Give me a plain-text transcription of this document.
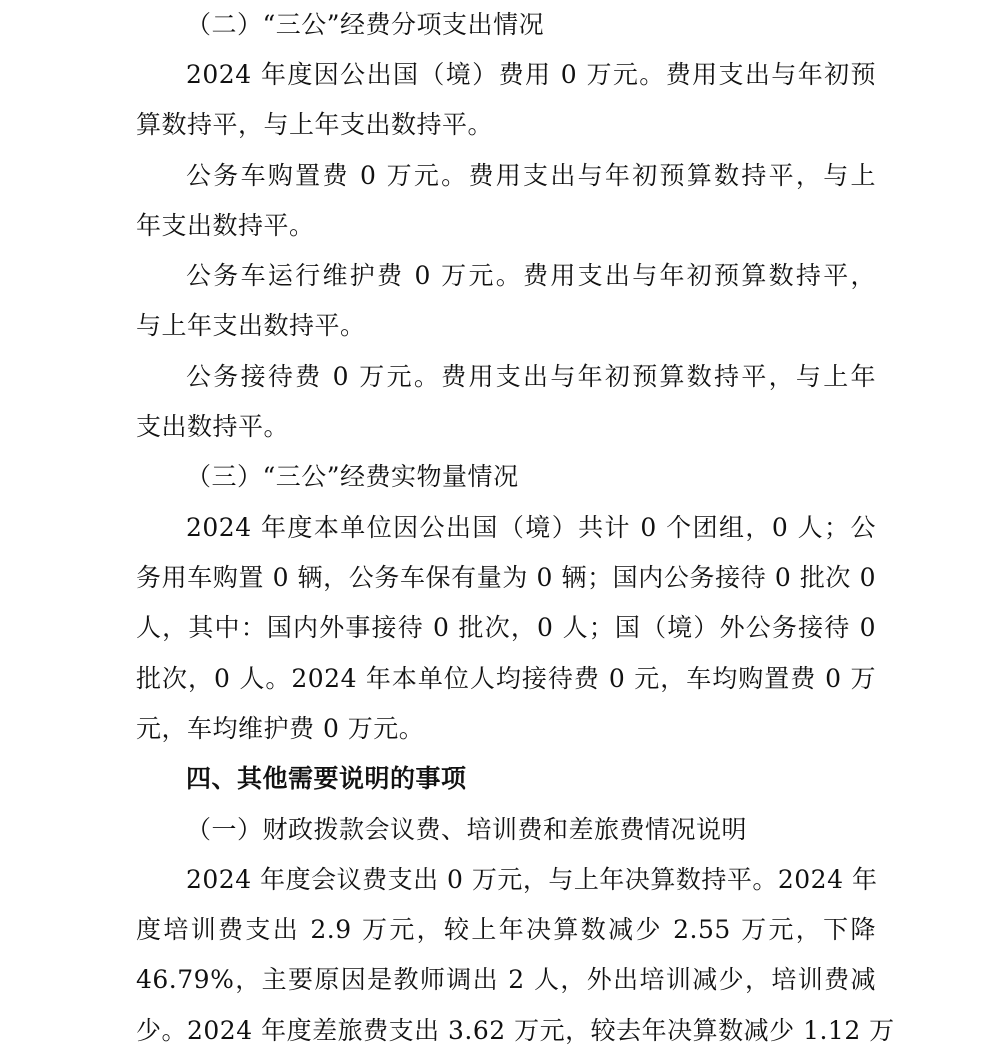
（二）“三公”经费分项支出情况
2024 年度因公出国（境）费用 0 万元。费用支出与年初预
算数持平，与上年支出数持平。
公务车购置费 0 万元。费用支出与年初预算数持平，与上
年支出数持平。
公务车运行维护费 0 万元。费用支出与年初预算数持平，
与上年支出数持平。
公务接待费 0 万元。费用支出与年初预算数持平，与上年
支出数持平。
（三）“三公”经费实物量情况
2024 年度本单位因公出国（境）共计 0 个团组，0 人；公
务用车购置 0 辆，公务车保有量为 0 辆；国内公务接待 0 批次 0
人，其中：国内外事接待 0 批次，0 人；国（境）外公务接待 0
批次，0 人。2024 年本单位人均接待费 0 元，车均购置费 0 万
元，车均维护费 0 万元。
四、其他需要说明的事项
（一）财政拨款会议费、培训费和差旅费情况说明
2024 年度会议费支出 0 万元，与上年决算数持平。2024 年
度培训费支出 2.9 万元，较上年决算数减少 2.55 万元，下降
46.79%，主要原因是教师调出 2 人，外出培训减少，培训费减
少。2024 年度差旅费支出 3.62 万元，较去年决算数减少 1.12 万
